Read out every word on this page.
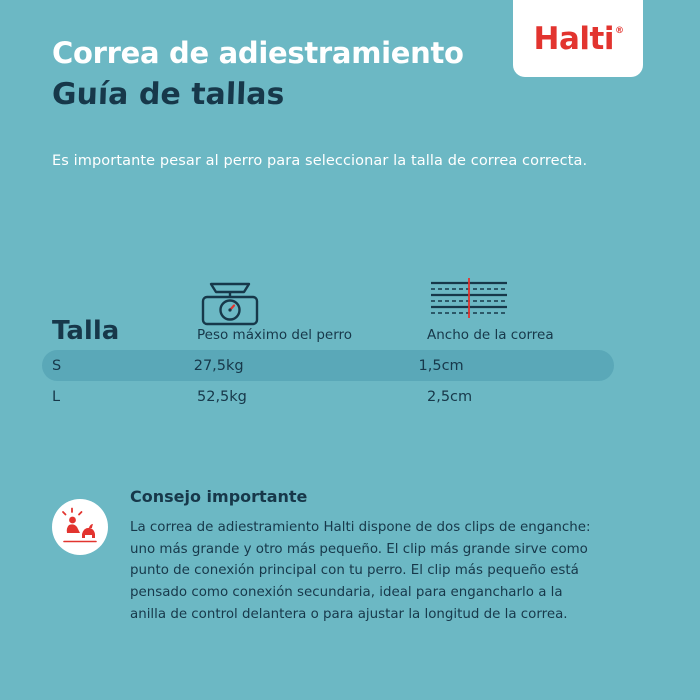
Halti®
Correa de adiestramiento
Guía de tallas

Es importante pesar al perro para seleccionar la talla de correa correcta.

Talla	Peso máximo del perro	Ancho de la correa
S	27,5kg	1,5cm
L	52,5kg	2,5cm
Consejo importante

La correa de adiestramiento Halti dispone de dos clips de enganche: uno más grande y otro más pequeño. El clip más grande sirve como punto de conexión principal con tu perro. El clip más pequeño está pensado como conexión secundaria, ideal para engancharlo a la anilla de control delantera o para ajustar la longitud de la correa.
